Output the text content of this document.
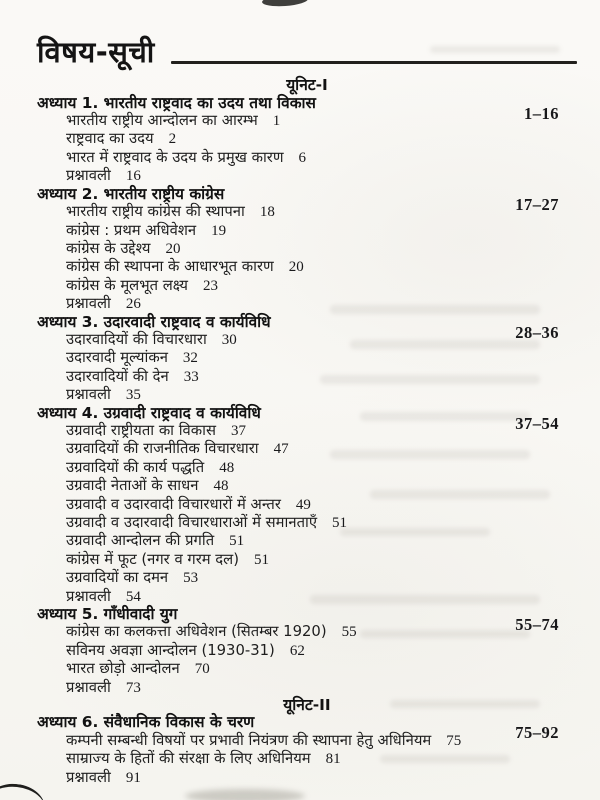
विषय-सूची
यूनिट-I
अध्याय 1. भारतीय राष्ट्रवाद का उदय तथा विकास
1–16
भारतीय राष्ट्रीय आन्दोलन का आरम्भ 1
राष्ट्रवाद का उदय 2
भारत में राष्ट्रवाद के उदय के प्रमुख कारण 6
प्रश्नावली 16
अध्याय 2. भारतीय राष्ट्रीय कांग्रेस
17–27
भारतीय राष्ट्रीय कांग्रेस की स्थापना 18
कांग्रेस : प्रथम अधिवेशन 19
कांग्रेस के उद्देश्य 20
कांग्रेस की स्थापना के आधारभूत कारण 20
कांग्रेस के मूलभूत लक्ष्य 23
प्रश्नावली 26
अध्याय 3. उदारवादी राष्ट्रवाद व कार्यविधि
28–36
उदारवादियों की विचारधारा 30
उदारवादी मूल्यांकन 32
उदारवादियों की देन 33
प्रश्नावली 35
अध्याय 4. उग्रवादी राष्ट्रवाद व कार्यविधि
37–54
उग्रवादी राष्ट्रीयता का विकास 37
उग्रवादियों की राजनीतिक विचारधारा 47
उग्रवादियों की कार्य पद्धति 48
उग्रवादी नेताओं के साधन 48
उग्रवादी व उदारवादी विचारधारों में अन्तर 49
उग्रवादी व उदारवादी विचारधाराओं में समानताएँ 51
उग्रवादी आन्दोलन की प्रगति 51
कांग्रेस में फूट (नगर व गरम दल) 51
उग्रवादियों का दमन 53
प्रश्नावली 54
अध्याय 5. गाँधीवादी युग
55–74
कांग्रेस का कलकत्ता अधिवेशन (सितम्बर 1920) 55
सविनय अवज्ञा आन्दोलन (1930-31) 62
भारत छोड़ो आन्दोलन 70
प्रश्नावली 73
यूनिट-II
अध्याय 6. संवैधानिक विकास के चरण
75–92
कम्पनी सम्बन्धी विषयों पर प्रभावी नियंत्रण की स्थापना हेतु अधिनियम 75
साम्राज्य के हितों की संरक्षा के लिए अधिनियम 81
प्रश्नावली 91
